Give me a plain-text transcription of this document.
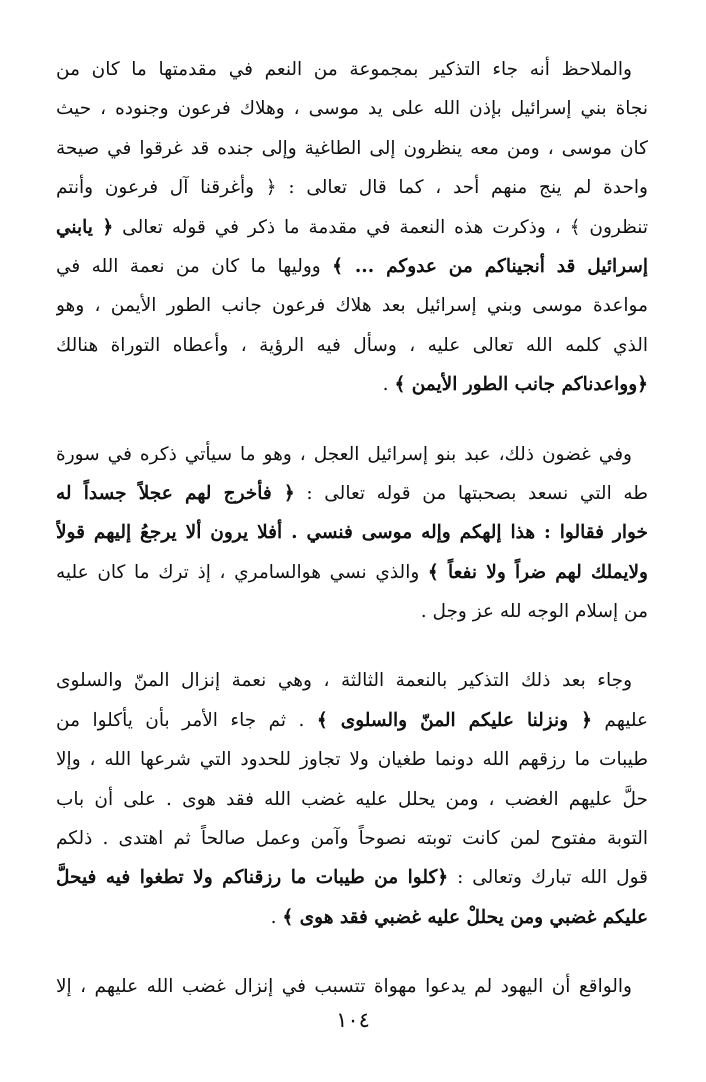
والملاحظ أنه جاء التذكير بمجموعة من النعم في مقدمتها ما كان من
نجاة بني إسرائيل بإذن الله على يد موسى ، وهلاك فرعون وجنوده ، حيث
كان موسى ، ومن معه ينظرون إلى الطاغية وإلى جنده قد غرقوا في صيحة
واحدة لم ينج منهم أحد ، كما قال تعالى : ﴿ وأغرقنا آل فرعون وأنتم
تنظرون ﴾ ، وذكرت هذه النعمة في مقدمة ما ذكر في قوله تعالى ﴿ يابني
إسرائيل قد أنجيناكم من عدوكم ... ﴾ ووليها ما كان من نعمة الله في
مواعدة موسى وبني إسرائيل بعد هلاك فرعون جانب الطور الأيمن ، وهو
الذي كلمه الله تعالى عليه ، وسأل فيه الرؤية ، وأعطاه التوراة هنالك
﴿وواعدناكم جانب الطور الأيمن ﴾ .
وفي غضون ذلك، عبد بنو إسرائيل العجل ، وهو ما سيأتي ذكره في سورة
طه التي نسعد بصحبتها من قوله تعالى : ﴿ فأخرج لهم عجلاً جسداً له
خوار فقالوا : هذا إلهكم وإله موسى فنسي . أفلا يرون ألا يرجعُ إليهم قولاً
ولايملك لهم ضراً ولا نفعاً ﴾ والذي نسي هوالسامري ، إذ ترك ما كان عليه
من إسلام الوجه لله عز وجل .
وجاء بعد ذلك التذكير بالنعمة الثالثة ، وهي نعمة إنزال المنّ والسلوى
عليهم ﴿ ونزلنا عليكم المنّ والسلوى ﴾ . ثم جاء الأمر بأن يأكلوا من
طيبات ما رزقهم الله دونما طغيان ولا تجاوز للحدود التي شرعها الله ، وإلا
حلَّ عليهم الغضب ، ومن يحلل عليه غضب الله فقد هوى . على أن باب
التوبة مفتوح لمن كانت توبته نصوحاً وآمن وعمل صالحاً ثم اهتدى . ذلكم
قول الله تبارك وتعالى : ﴿كلوا من طيبات ما رزقناكم ولا تطغوا فيه فيحلَّ
عليكم غضبي ومن يحللْ عليه غضبي فقد هوى ﴾ .
والواقع أن اليهود لم يدعوا مهواة تتسبب في إنزال غضب الله عليهم ، إلا
١٠٤
